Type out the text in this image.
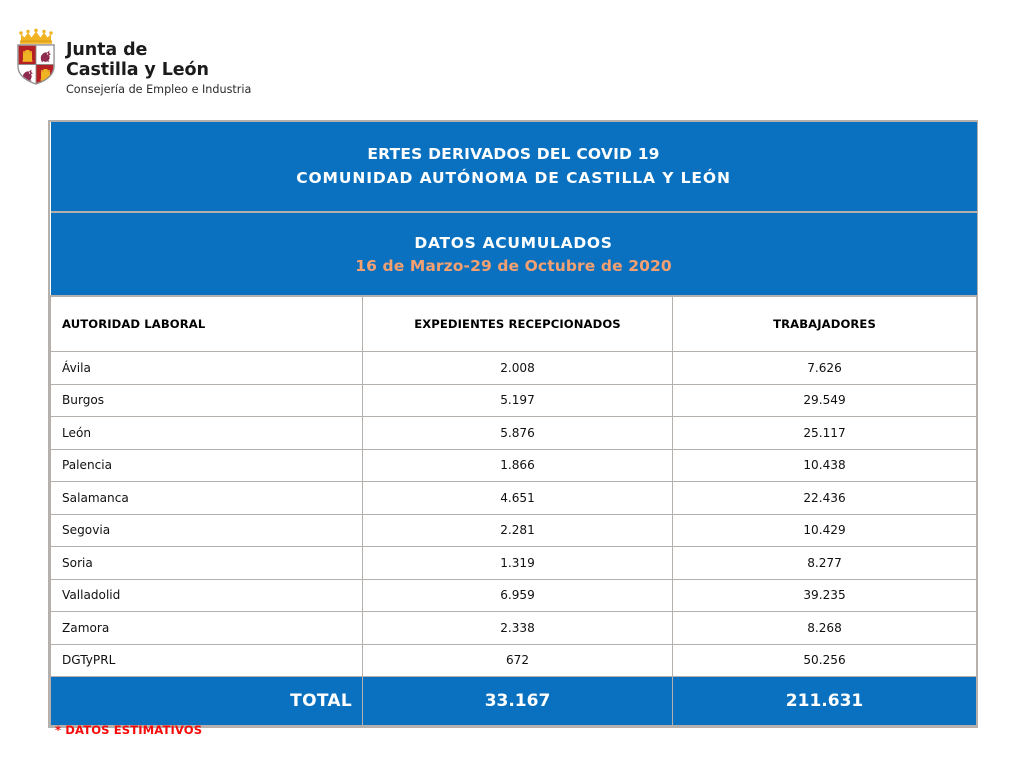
Junta de
Castilla y León
Consejería de Empleo e Industria
ERTES DERIVADOS DEL COVID 19
COMUNIDAD AUTÓNOMA DE CASTILLA Y LEÓN		

DATOS ACUMULADOS
16 de Marzo-29 de Octubre de 2020		

AUTORIDAD LABORAL	EXPEDIENTES RECEPCIONADOS	TRABAJADORES
Ávila	2.008	7.626
Burgos	5.197	29.549
León	5.876	25.117
Palencia	1.866	10.438
Salamanca	4.651	22.436
Segovia	2.281	10.429
Soria	1.319	8.277
Valladolid	6.959	39.235
Zamora	2.338	8.268
DGTyPRL	672	50.256
TOTAL	33.167	211.631
* DATOS ESTIMATIVOS
